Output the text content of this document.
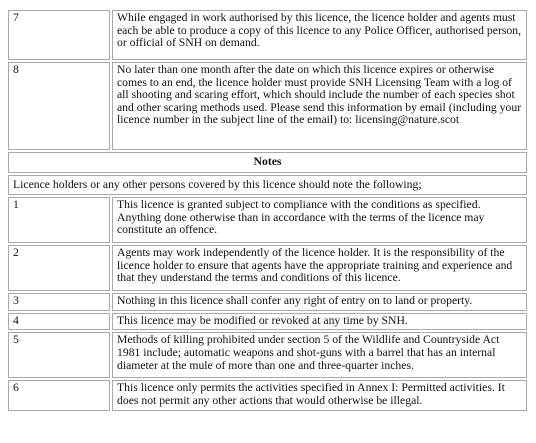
7	While engaged in work authorised by this licence, the licence holder and agents must each be able to produce a copy of this licence to any Police Officer, authorised person, or official of SNH on demand.

8	No later than one month after the date on which this licence expires or otherwise comes to an end, the licence holder must provide SNH Licensing Team with a log of all shooting and scaring effort, which should include the number of each species shot and other scaring methods used. Please send this information by email (including your licence number in the subject line of the email) to: licensing@nature.scot

Notes	
Licence holders or any other persons covered by this licence should note the following;	
1	This licence is granted subject to compliance with the conditions as specified. Anything done otherwise than in accordance with the terms of the licence may constitute an offence.

2	Agents may work independently of the licence holder. It is the responsibility of the licence holder to ensure that agents have the appropriate training and experience and that they understand the terms and conditions of this licence.

3	Nothing in this licence shall confer any right of entry on to land or property.

4	This licence may be modified or revoked at any time by SNH.

5	Methods of killing prohibited under section 5 of the Wildlife and Countryside Act 1981 include; automatic weapons and shot-guns with a barrel that has an internal diameter at the mule of more than one and three-quarter inches.

6	This licence only permits the activities specified in Annex I: Permitted activities. It does not permit any other actions that would otherwise be illegal.
